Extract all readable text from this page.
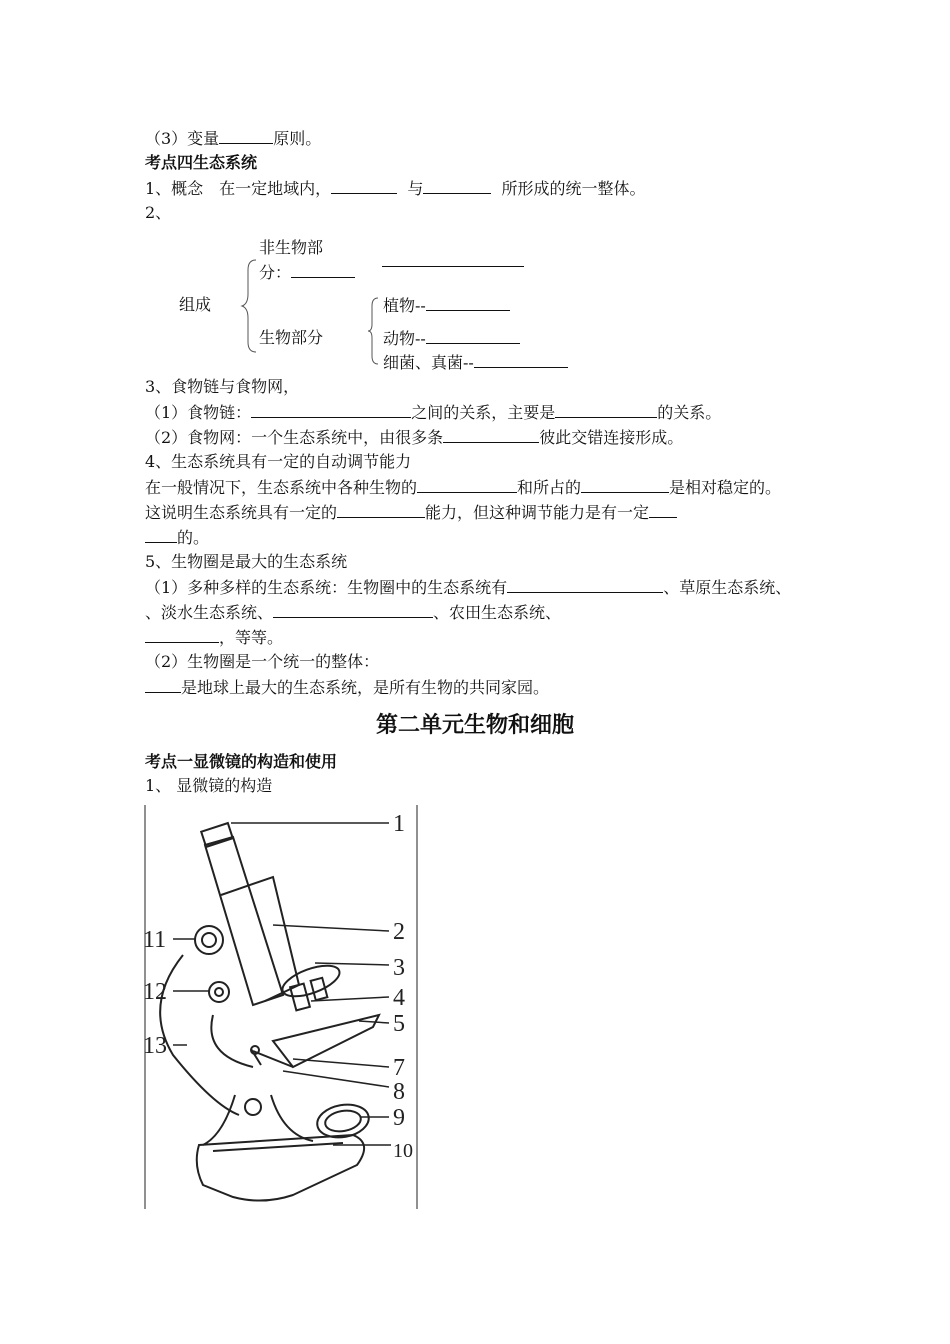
（3）变量	原则。
考点四生态系统
1、概念　在一定地域内，	与	所形成的统一整体。
2、
非生物部
分：
组成	植物--
生物部分	动物--
细菌、真菌--
3、食物链与食物网，
（1）食物链：	之间的关系，主要是	的关系。
（2）食物网：一个生态系统中，由很多条	彼此交错连接形成。
4、生态系统具有一定的自动调节能力
在一般情况下，生态系统中各种生物的	和所占的	是相对稳定的。
这说明生态系统具有一定的	能力，但这种调节能力是有一定
的。
5、生物圈是最大的生态系统
（1）多种多样的生态系统：生物圈中的生态系统有	、草原生态系统、
、淡水生态系统、	、农田生态系统、
，等等。
（2）生物圈是一个统一的整体：
是地球上最大的生态系统，是所有生物的共同家园。
第二单元生物和细胞
考点一显微镜的构造和使用
1、 显微镜的构造
1
2
3
4
5
7
8
9
10
11
12
13
